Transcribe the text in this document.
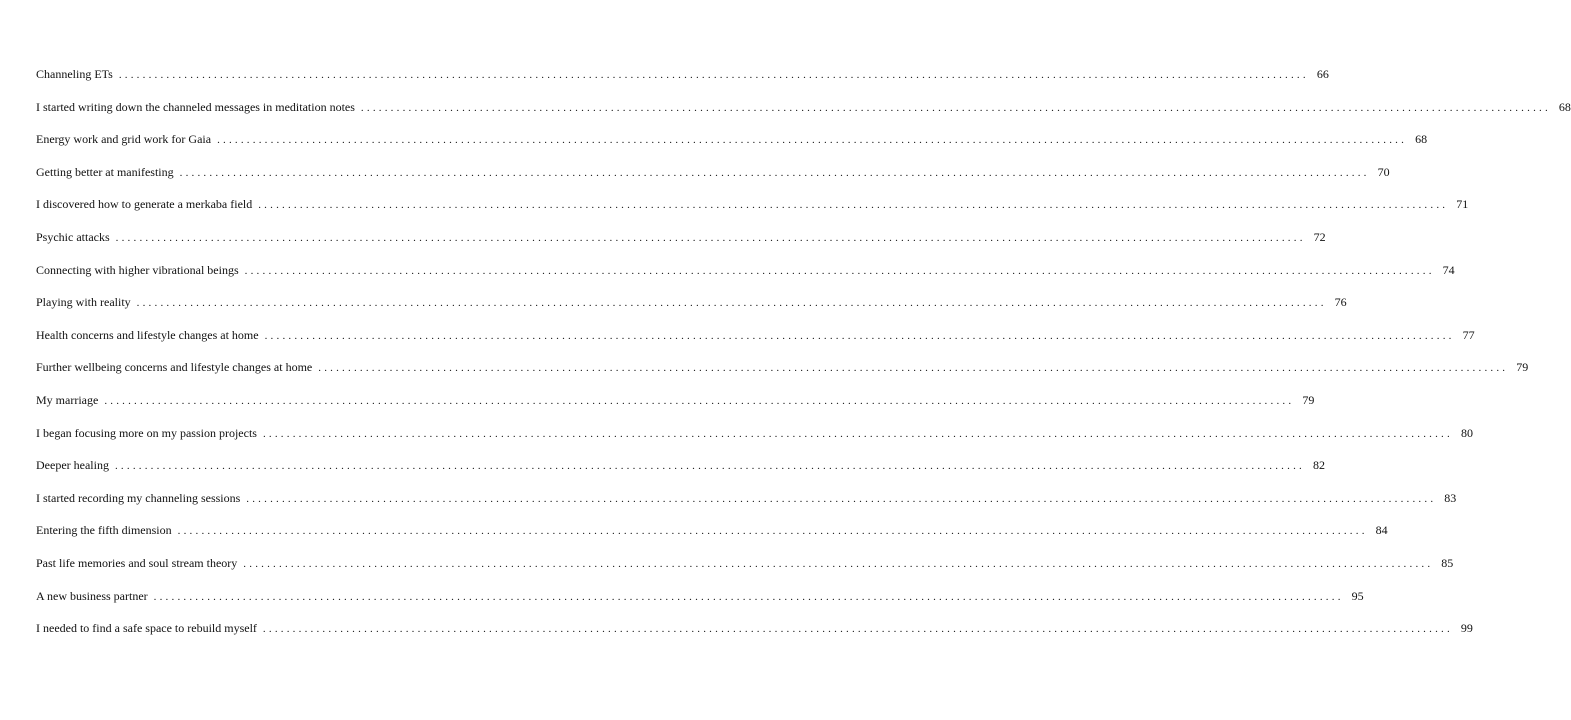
Channeling ETs ........................................................................................................................................................................................................ 66
I started writing down the channeled messages in meditation notes ........................................................................................................................................................................................................ 68
Energy work and grid work for Gaia ........................................................................................................................................................................................................ 68
Getting better at manifesting ........................................................................................................................................................................................................ 70
I discovered how to generate a merkaba field ........................................................................................................................................................................................................ 71
Psychic attacks ........................................................................................................................................................................................................ 72
Connecting with higher vibrational beings ........................................................................................................................................................................................................ 74
Playing with reality ........................................................................................................................................................................................................ 76
Health concerns and lifestyle changes at home ........................................................................................................................................................................................................ 77
Further wellbeing concerns and lifestyle changes at home ........................................................................................................................................................................................................ 79
My marriage ........................................................................................................................................................................................................ 79
I began focusing more on my passion projects ........................................................................................................................................................................................................ 80
Deeper healing ........................................................................................................................................................................................................ 82
I started recording my channeling sessions ........................................................................................................................................................................................................ 83
Entering the fifth dimension ........................................................................................................................................................................................................ 84
Past life memories and soul stream theory ........................................................................................................................................................................................................ 85
A new business partner ........................................................................................................................................................................................................ 95
I needed to find a safe space to rebuild myself ........................................................................................................................................................................................................ 99
